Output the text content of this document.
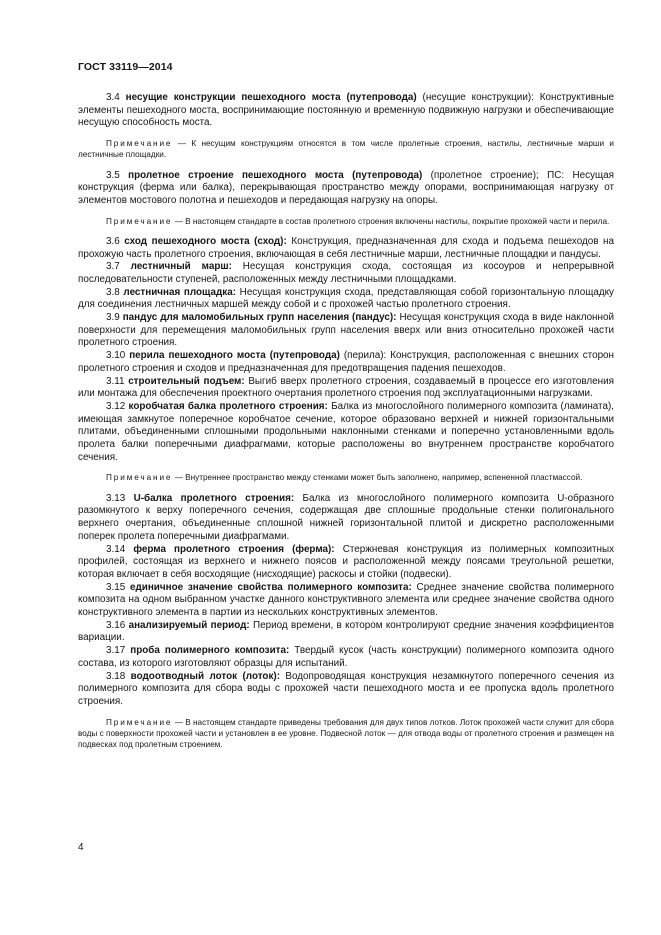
ГОСТ 33119—2014

3.4 несущие конструкции пешеходного моста (путепровода) (несущие конструкции): Конструктивные элементы пешеходного моста, воспринимающие постоянную и временную подвижную нагрузки и обеспечивающие несущую способность моста.

Примечание — К несущим конструкциям относятся в том числе пролетные строения, настилы, лестничные марши и лестничные площадки.

3.5 пролетное строение пешеходного моста (путепровода) (пролетное строение); ПС: Несущая конструкция (ферма или балка), перекрывающая пространство между опорами, воспринимающая нагрузку от элементов мостового полотна и пешеходов и передающая нагрузку на опоры.

Примечание — В настоящем стандарте в состав пролетного строения включены настилы, покрытие прохожей части и перила.

3.6 сход пешеходного моста (сход): Конструкция, предназначенная для схода и подъема пешеходов на прохожую часть пролетного строения, включающая в себя лестничные марши, лестничные площадки и пандусы.

3.7 лестничный марш: Несущая конструкция схода, состоящая из косоуров и непрерывной последовательности ступеней, расположенных между лестничными площадками.

3.8 лестничная площадка: Несущая конструкция схода, представляющая собой горизонтальную площадку для соединения лестничных маршей между собой и с прохожей частью пролетного строения.

3.9 пандус для маломобильных групп населения (пандус): Несущая конструкция схода в виде наклонной поверхности для перемещения маломобильных групп населения вверх или вниз относительно прохожей части пролетного строения.

3.10 перила пешеходного моста (путепровода) (перила): Конструкция, расположенная с внешних сторон пролетного строения и сходов и предназначенная для предотвращения падения пешеходов.

3.11 строительный подъем: Выгиб вверх пролетного строения, создаваемый в процессе его изготовления или монтажа для обеспечения проектного очертания пролетного строения под эксплуатационными нагрузками.

3.12 коробчатая балка пролетного строения: Балка из многослойного полимерного композита (ламината), имеющая замкнутое поперечное коробчатое сечение, которое образовано верхней и нижней горизонтальными плитами, объединенными сплошными продольными наклонными стенками и поперечно установленными вдоль пролета балки поперечными диафрагмами, которые расположены во внутреннем пространстве коробчатого сечения.

Примечание — Внутреннее пространство между стенками может быть заполнено, например, вспененной пластмассой.

3.13 U-балка пролетного строения: Балка из многослойного полимерного композита U-образного разомкнутого к верху поперечного сечения, содержащая две сплошные продольные стенки полигонального верхнего очертания, объединенные сплошной нижней горизонтальной плитой и дискретно расположенными поперек пролета поперечными диафрагмами.

3.14 ферма пролетного строения (ферма): Стержневая конструкция из полимерных композитных профилей, состоящая из верхнего и нижнего поясов и расположенной между поясами треугольной решетки, которая включает в себя восходящие (нисходящие) раскосы и стойки (подвески).

3.15 единичное значение свойства полимерного композита: Среднее значение свойства полимерного композита на одном выбранном участке данного конструктивного элемента или среднее значение свойства одного конструктивного элемента в партии из нескольких конструктивных элементов.

3.16 анализируемый период: Период времени, в котором контролируют средние значения коэффициентов вариации.

3.17 проба полимерного композита: Твердый кусок (часть конструкции) полимерного композита одного состава, из которого изготовляют образцы для испытаний.

3.18 водоотводный лоток (лоток): Водопроводящая конструкция незамкнутого поперечного сечения из полимерного композита для сбора воды с прохожей части пешеходного моста и ее пропуска вдоль пролетного строения.

Примечание — В настоящем стандарте приведены требования для двух типов лотков. Лоток прохожей части служит для сбора воды с поверхности прохожей части и установлен в ее уровне. Подвесной лоток — для отвода воды от пролетного строения и размещен на подвесках под пролетным строением.

4
